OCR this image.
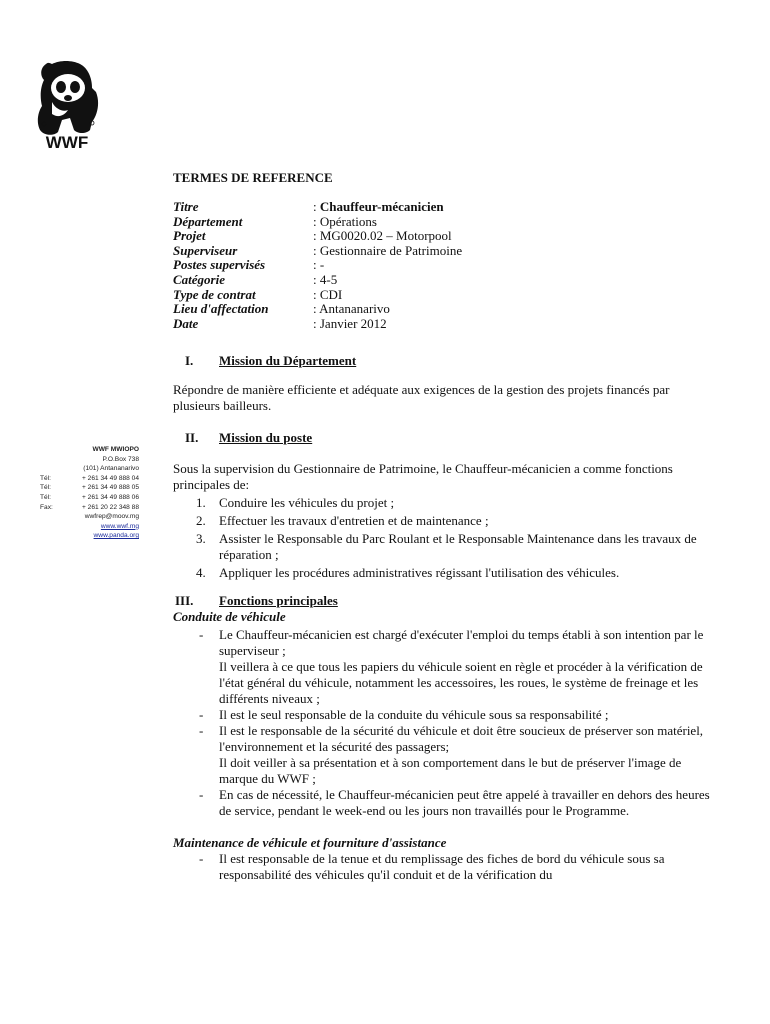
WWF
WWF MWIOPO
P.O.Box 738
(101) Antananarivo
Tél:	+ 261 34 49 888 04
Tél:	+ 261 34 49 888 05
Tél:	+ 261 34 49 888 06
Fax:	+ 261 20 22 348 88
wwfrep@moov.mg
www.wwf.mg
www.panda.org
TERMES DE REFERENCE
Titre	: Chauffeur-mécanicien
Département	: Opérations
Projet	: MG0020.02 – Motorpool
Superviseur	: Gestionnaire de Patrimoine
Postes supervisés	: -
Catégorie	: 4-5
Type de contrat	: CDI
Lieu d'affectation	: Antananarivo
Date	: Janvier 2012
I.	Mission du Département

Répondre de manière efficiente et adéquate aux exigences de la gestion des projets financés par plusieurs bailleurs.

II.	Mission du poste

Sous la supervision du Gestionnaire de Patrimoine, le Chauffeur-mécanicien a comme fonctions principales de:

1.	Conduire les véhicules du projet ;
2.	Effectuer les travaux d'entretien et de maintenance ;
3.	Assister le Responsable du Parc Roulant et le Responsable Maintenance dans les travaux de réparation ;
4.	Appliquer les procédures administratives régissant l'utilisation des véhicules.
III.	Fonctions principales
Conduite de véhicule
-	Le Chauffeur-mécanicien est chargé d'exécuter l'emploi du temps établi à son intention par le superviseur ;
Il veillera à ce que tous les papiers du véhicule soient en règle et procéder à la vérification de l'état général du véhicule, notamment les accessoires, les roues, le système de freinage et les différents niveaux ;
-	Il est le seul responsable de la conduite du véhicule sous sa responsabilité ;
-	Il est le responsable de la sécurité du véhicule et doit être soucieux de préserver son matériel, l'environnement et la sécurité des passagers;
Il doit veiller à sa présentation et à son comportement dans le but de préserver l'image de marque du WWF ;
-	En cas de nécessité, le Chauffeur-mécanicien peut être appelé à travailler en dehors des heures de service, pendant le week-end ou les jours non travaillés pour le Programme.
Maintenance de véhicule et fourniture d'assistance
-	Il est responsable de la tenue et du remplissage des fiches de bord du véhicule sous sa responsabilité des véhicules qu'il conduit et de la vérification du
